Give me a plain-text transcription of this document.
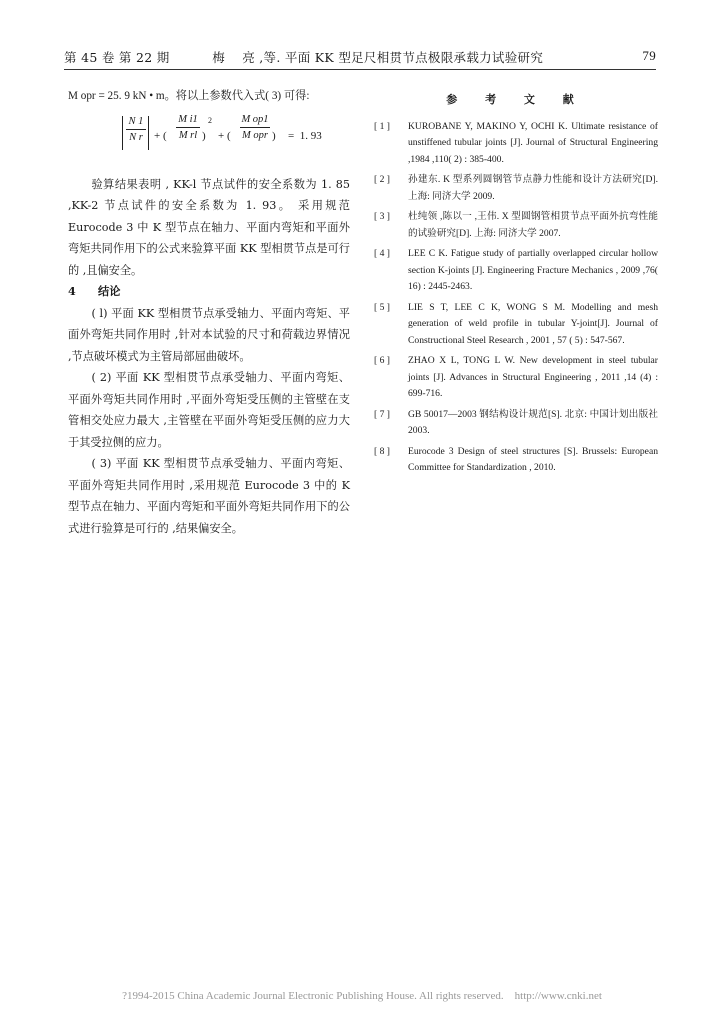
第 45 卷 第 22 期          梅    亮 ,等. 平面 KK 型足尺相贯节点极限承载力试验研究	79

M opr = 25. 9 kN • m。将以上参数代入式( 3) 可得:

N 1
N r + (
M i1
M rl )
2
+ (
M op1
M opr ) =  1. 93

验算结果表明 , KK-l 节点试件的安全系数为 1. 85 ,KK-2 节点试件的安全系数为 1. 93。 采用规范 Eurocode 3 中 K 型节点在轴力、平面内弯矩和平面外弯矩共同作用下的公式来验算平面 KK 型相贯节点是可行的 ,且偏安全。

4 结论

( l) 平面 KK 型相贯节点承受轴力、平面内弯矩、平面外弯矩共同作用时 ,针对本试验的尺寸和荷载边界情况 ,节点破坏模式为主管局部屈曲破坏。

( 2) 平面 KK 型相贯节点承受轴力、平面内弯矩、平面外弯矩共同作用时 ,平面外弯矩受压侧的主管壁在支管相交处应力最大 ,主管壁在平面外弯矩受压侧的应力大于其受拉侧的应力。

( 3) 平面 KK 型相贯节点承受轴力、平面内弯矩、平面外弯矩共同作用时 ,采用规范 Eurocode 3 中的 K 型节点在轴力、平面内弯矩和平面外弯矩共同作用下的公式进行验算是可行的 ,结果偏安全。

参 考 文 献
[ 1 ] KUROBANE Y, MAKINO Y, OCHI K. Ultimate resistance of unstiffened tubular joints [J]. Journal of Structural Engineering ,1984 ,110( 2) : 385-400.
[ 2 ] 孙建东. K 型系列圆钢管节点静力性能和设计方法研究[D]. 上海: 同济大学 2009.
[ 3 ] 杜纯领 ,陈以一 ,王伟. X 型圆钢管相贯节点平面外抗弯性能的试验研究[D]. 上海: 同济大学 2007.
[ 4 ] LEE C K. Fatigue study of partially overlapped circular hollow section K-joints [J]. Engineering Fracture Mechanics , 2009 ,76( 16) : 2445-2463.
[ 5 ] LIE S T, LEE C K, WONG S M. Modelling and mesh generation of weld profile in tubular Y-joint[J]. Journal of Constructional Steel Research , 2001 , 57 ( 5) : 547-567.
[ 6 ] ZHAO X L, TONG L W. New development in steel tubular joints [J]. Advances in Structural Engineering , 2011 ,14 (4) : 699-716.
[ 7 ] GB 50017—2003 钢结构设计规范[S]. 北京: 中国计划出版社 2003.
[ 8 ] Eurocode 3 Design of steel structures [S]. Brussels: European Committee for Standardization , 2010.
?1994-2015 China Academic Journal Electronic Publishing House. All rights reserved.    http://www.cnki.net
